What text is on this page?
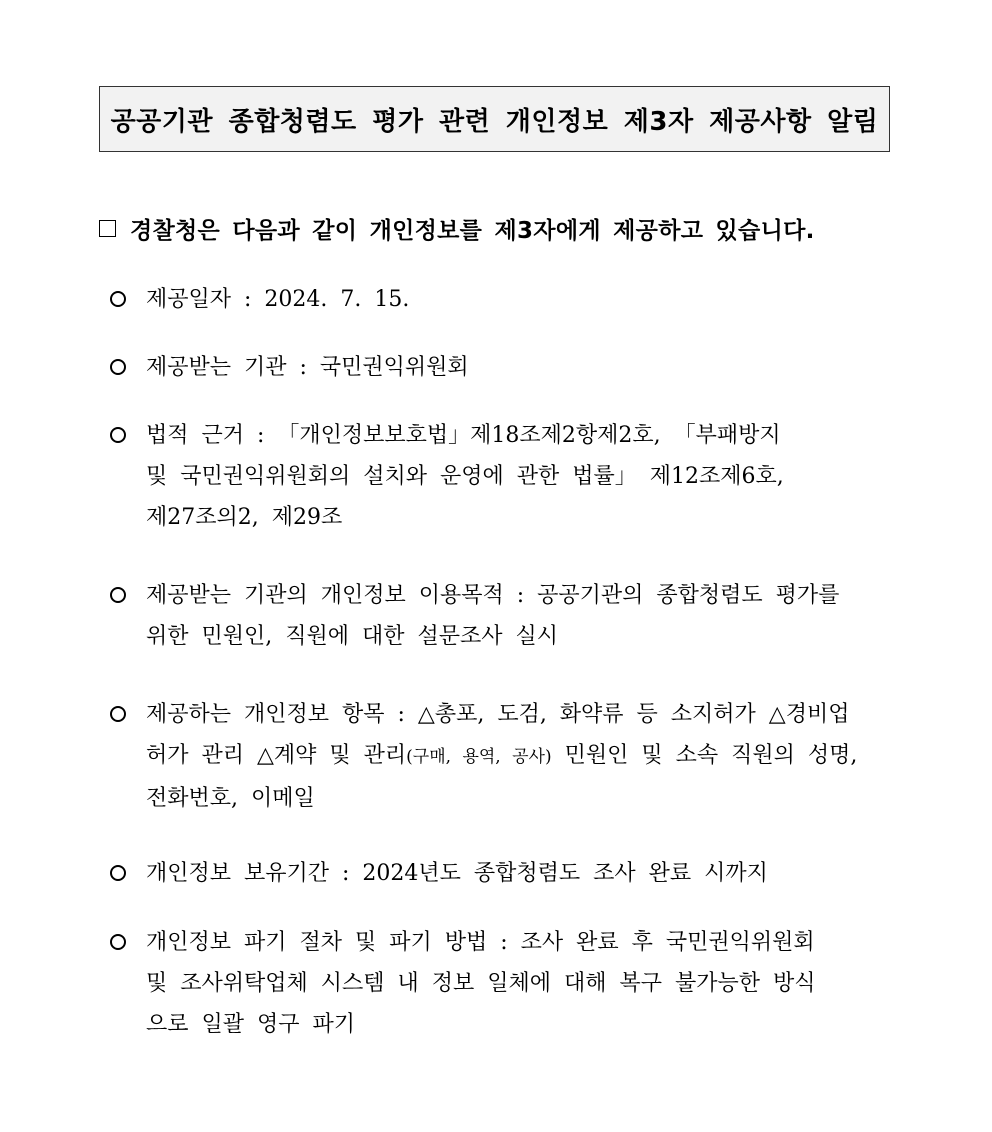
공공기관 종합청렴도 평가 관련 개인정보 제3자 제공사항 알림
경찰청은 다음과 같이 개인정보를 제3자에게 제공하고 있습니다.
제공일자 : 2024. 7. 15.
제공받는 기관 : 국민권익위원회
법적 근거 : 「개인정보보호법」제18조제2항제2호, 「부패방지
및 국민권익위원회의 설치와 운영에 관한 법률」 제12조제6호,
제27조의2, 제29조
제공받는 기관의 개인정보 이용목적 : 공공기관의 종합청렴도 평가를
위한 민원인, 직원에 대한 설문조사 실시
제공하는 개인정보 항목 : △총포, 도검, 화약류 등 소지허가 △경비업
허가 관리 △계약 및 관리(구매, 용역, 공사) 민원인 및 소속 직원의 성명,
전화번호, 이메일
개인정보 보유기간 : 2024년도 종합청렴도 조사 완료 시까지
개인정보 파기 절차 및 파기 방법 : 조사 완료 후 국민권익위원회
및 조사위탁업체 시스템 내 정보 일체에 대해 복구 불가능한 방식
으로 일괄 영구 파기
